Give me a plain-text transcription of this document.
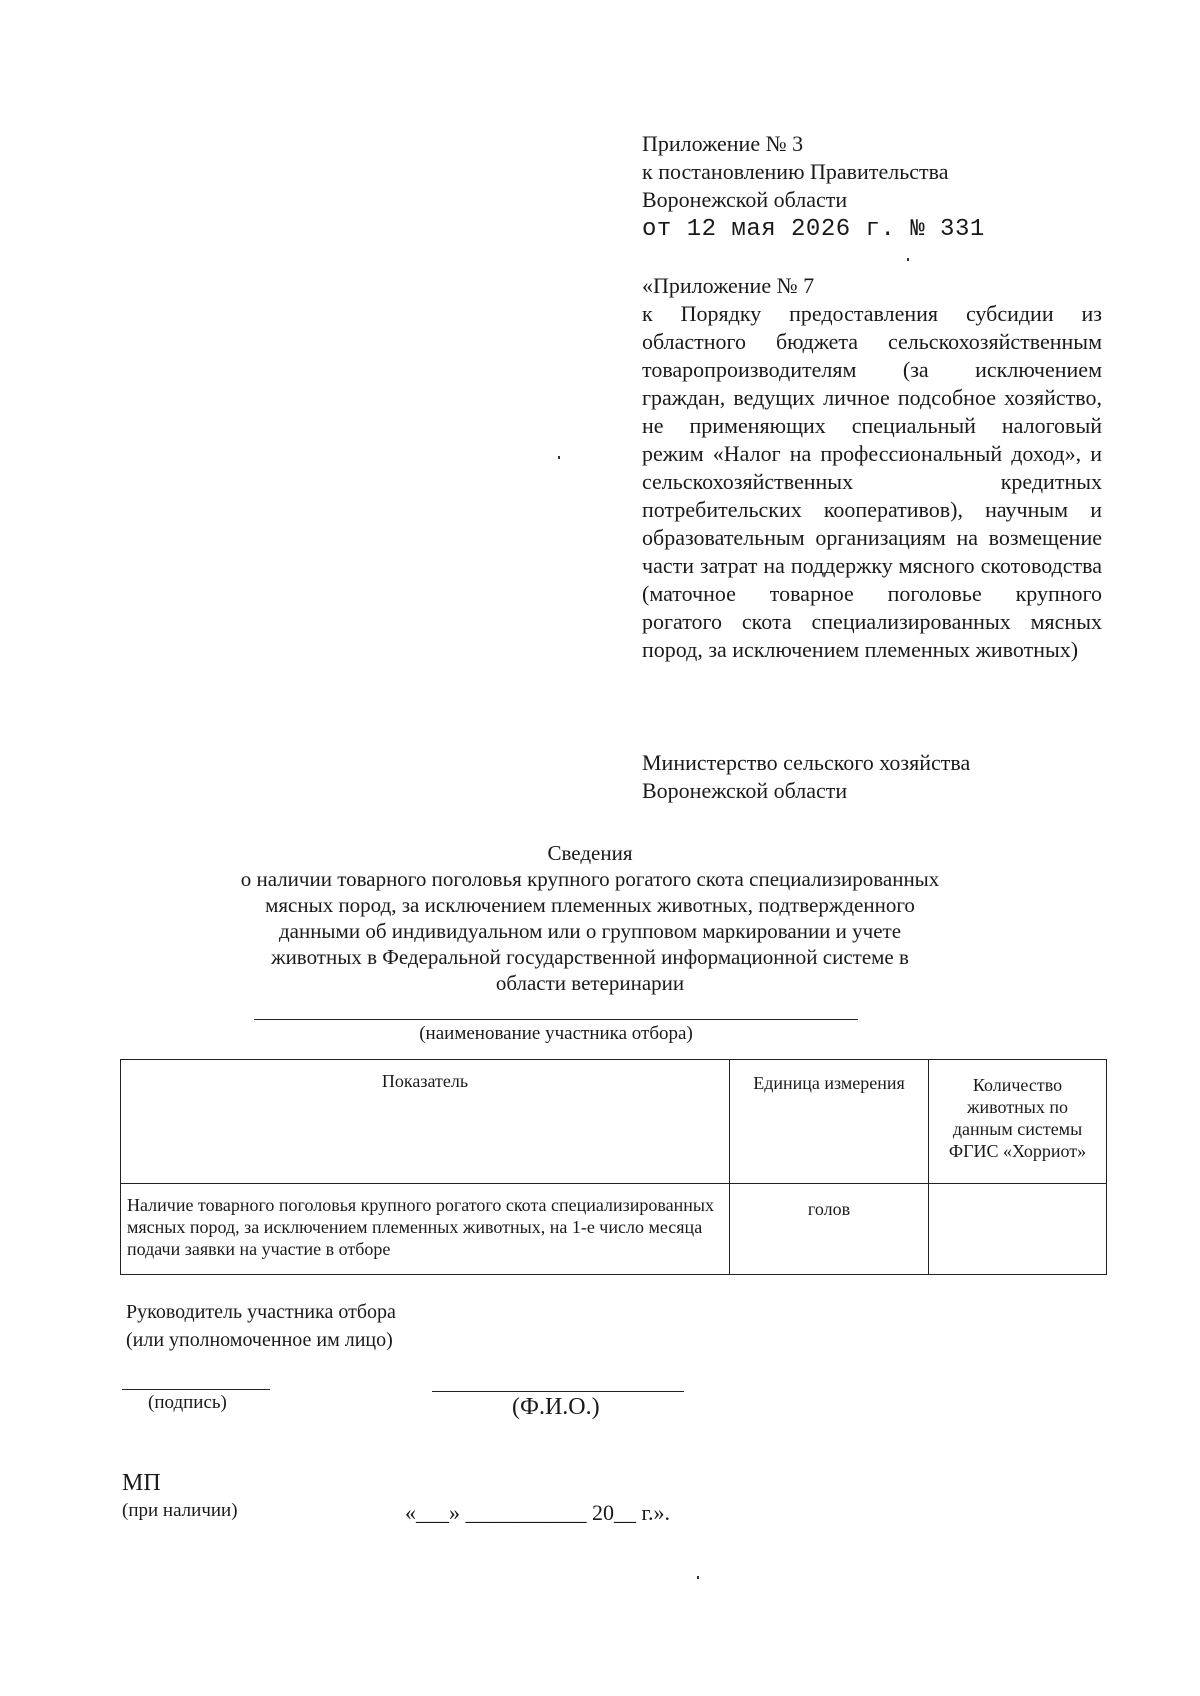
Приложение № 3
к постановлению Правительства
Воронежской области
от 12 мая 2026 г. № 331
«Приложение № 7
к Порядку предоставления субсидии из областного бюджета сельскохозяйственным товаропроизводителям (за исключением граждан, ведущих личное подсобное хозяйство, не применяющих специальный налоговый режим «Налог на профессиональный доход», и сельскохозяйственных кредитных потребительских кооперативов), научным и образовательным организациям на возмещение части затрат на поддержку мясного скотоводства (маточное товарное поголовье крупного рогатого скота специализированных мясных пород, за исключением племенных животных)
Министерство сельского хозяйства
Воронежской области
Сведения
о наличии товарного поголовья крупного рогатого скота специализированных мясных пород, за исключением племенных животных, подтвержденного данными об индивидуальном или о групповом маркировании и учете животных в Федеральной государственной информационной системе в области ветеринарии
(наименование участника отбора)
Показатель	Единица измерения	Количество животных по данным системы ФГИС «Хорриот»
Наличие товарного поголовья крупного рогатого скота специализированных мясных пород, за исключением племенных животных, на 1-е число месяца подачи заявки на участие в отборе	голов	
Руководитель участника отбора
(или уполномоченное им лицо)
(подпись)	(Ф.И.О.)
МП
(при наличии)	«___» ___________ 20__ г.».
